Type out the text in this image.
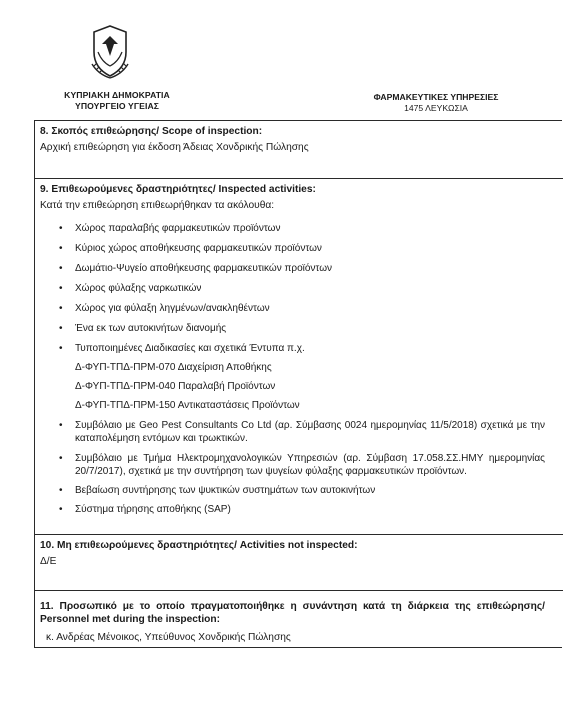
ΚΥΠΡΙΑΚΗ ΔΗΜΟΚΡΑΤΙΑ
ΥΠΟΥΡΓΕΙΟ ΥΓΕΙΑΣ
ΦΑΡΜΑΚΕΥΤΙΚΕΣ ΥΠΗΡΕΣΙΕΣ
1475 ΛΕΥΚΩΣΙΑ
8. Σκοπός επιθεώρησης/ Scope of inspection:
Αρχική επιθεώρηση για έκδοση Άδειας Χονδρικής Πώλησης
9. Επιθεωρούμενες δραστηριότητες/ Inspected activities:
Κατά την επιθεώρηση επιθεωρήθηκαν τα ακόλουθα:
• Χώρος παραλαβής φαρμακευτικών προϊόντων
• Κύριος χώρος αποθήκευσης φαρμακευτικών προϊόντων
• Δωμάτιο-Ψυγείο αποθήκευσης φαρμακευτικών προϊόντων
• Χώρος φύλαξης ναρκωτικών
• Χώρος για φύλαξη ληγμένων/ανακληθέντων
• Ένα εκ των αυτοκινήτων διανομής
• Τυποποιημένες Διαδικασίες και σχετικά Έντυπα π.χ.
Δ-ΦΥΠ-ΤΠΔ-ΠΡΜ-070 Διαχείριση Αποθήκης
Δ-ΦΥΠ-ΤΠΔ-ΠΡΜ-040 Παραλαβή Προϊόντων
Δ-ΦΥΠ-ΤΠΔ-ΠΡΜ-150 Αντικαταστάσεις Προϊόντων
• Συμβόλαιο με Geo Pest Consultants Co Ltd (αρ. Σύμβασης 0024 ημερομηνίας 11/5/2018) σχετικά με την καταπολέμηση εντόμων και τρωκτικών.
• Συμβόλαιο με Τμήμα Ηλεκτρομηχανολογικών Υπηρεσιών (αρ. Σύμβαση 17.058.ΣΣ.ΗΜΥ ημερομηνίας 20/7/2017), σχετικά με την συντήρηση των ψυγείων φύλαξης φαρμακευτικών προϊόντων.
• Βεβαίωση συντήρησης των ψυκτικών συστημάτων των αυτοκινήτων
• Σύστημα τήρησης αποθήκης (SAP)
10. Μη επιθεωρούμενες δραστηριότητες/ Activities not inspected:
Δ/Ε
11. Προσωπικό με το οποίο πραγματοποιήθηκε η συνάντηση κατά τη διάρκεια της επιθεώρησης/ Personnel met during the inspection:
κ. Ανδρέας Μένοικος, Υπεύθυνος Χονδρικής Πώλησης
